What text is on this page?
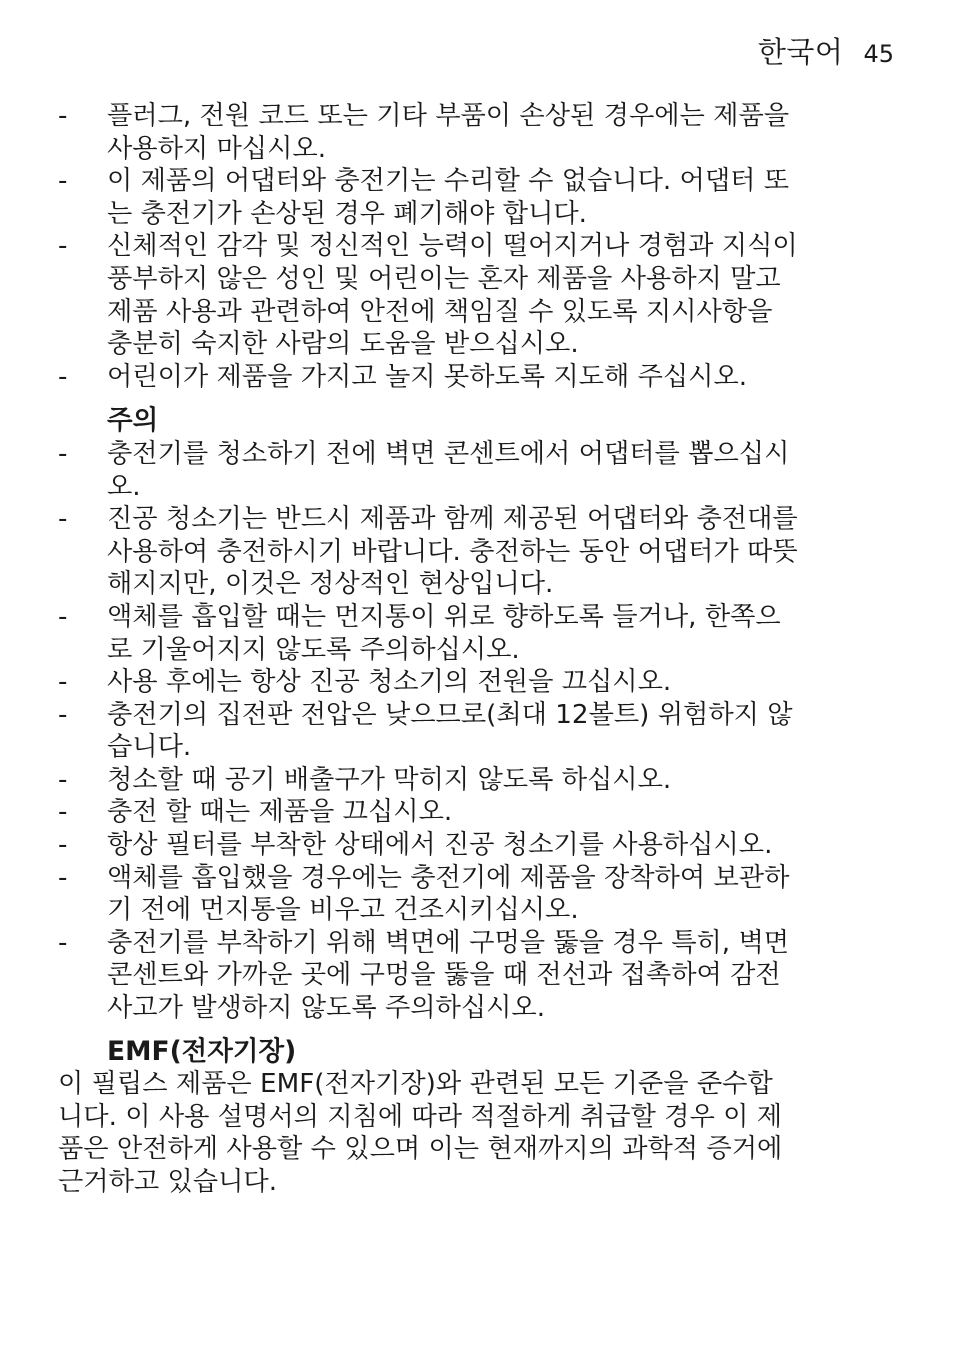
한국어 45
- 플러그, 전원 코드 또는 기타 부품이 손상된 경우에는 제품을
사용하지 마십시오.
- 이 제품의 어댑터와 충전기는 수리할 수 없습니다. 어댑터 또
는 충전기가 손상된 경우 폐기해야 합니다.
- 신체적인 감각 및 정신적인 능력이 떨어지거나 경험과 지식이
풍부하지 않은 성인 및 어린이는 혼자 제품을 사용하지 말고
제품 사용과 관련하여 안전에 책임질 수 있도록 지시사항을
충분히 숙지한 사람의 도움을 받으십시오.
- 어린이가 제품을 가지고 놀지 못하도록 지도해 주십시오.
주의
- 충전기를 청소하기 전에 벽면 콘센트에서 어댑터를 뽑으십시
오.
- 진공 청소기는 반드시 제품과 함께 제공된 어댑터와 충전대를
사용하여 충전하시기 바랍니다. 충전하는 동안 어댑터가 따뜻
해지지만, 이것은 정상적인 현상입니다.
- 액체를 흡입할 때는 먼지통이 위로 향하도록 들거나, 한쪽으
로 기울어지지 않도록 주의하십시오.
- 사용 후에는 항상 진공 청소기의 전원을 끄십시오.
- 충전기의 집전판 전압은 낮으므로(최대 12볼트) 위험하지 않
습니다.
- 청소할 때 공기 배출구가 막히지 않도록 하십시오.
- 충전 할 때는 제품을 끄십시오.
- 항상 필터를 부착한 상태에서 진공 청소기를 사용하십시오.
- 액체를 흡입했을 경우에는 충전기에 제품을 장착하여 보관하
기 전에 먼지통을 비우고 건조시키십시오.
- 충전기를 부착하기 위해 벽면에 구멍을 뚫을 경우 특히, 벽면
콘센트와 가까운 곳에 구멍을 뚫을 때 전선과 접촉하여 감전
사고가 발생하지 않도록 주의하십시오.
EMF(전자기장)

이 필립스 제품은 EMF(전자기장)와 관련된 모든 기준을 준수합
니다. 이 사용 설명서의 지침에 따라 적절하게 취급할 경우 이 제
품은 안전하게 사용할 수 있으며 이는 현재까지의 과학적 증거에
근거하고 있습니다.
